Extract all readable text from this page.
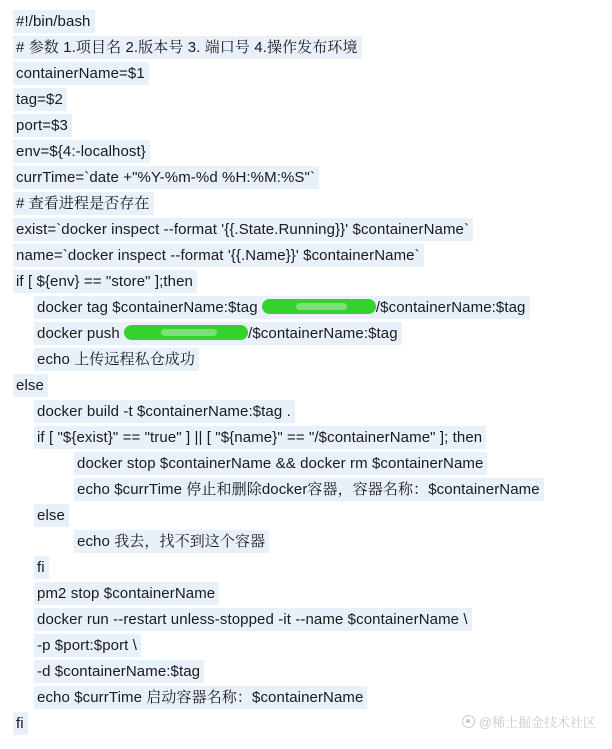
#!/bin/bash
# 参数 1.项目名 2.版本号 3. 端口号 4.操作发布环境
containerName=$1
tag=$2
port=$3
env=${4:-localhost}
currTime=`date +"%Y-%m-%d %H:%M:%S"`
# 查看进程是否存在
exist=`docker inspect --format '{{.State.Running}}' $containerName`
name=`docker inspect --format '{{.Name}}' $containerName`
if [ ${env} == "store" ];then
docker tag $containerName:$tag	/$containerName:$tag
docker push	/$containerName:$tag
echo 上传远程私仓成功
else
docker build -t $containerName:$tag .
if [ "${exist}" == "true" ] || [ "${name}" == "/$containerName" ]; then
docker stop $containerName && docker rm $containerName
echo $currTime 停止和删除docker容器，容器名称：$containerName
else
echo 我去，找不到这个容器
fi
pm2 stop $containerName
docker run --restart unless-stopped -it --name $containerName \
-p $port:$port \
-d $containerName:$tag
echo $currTime 启动容器名称：$containerName
fi	@稀土掘金技术社区
